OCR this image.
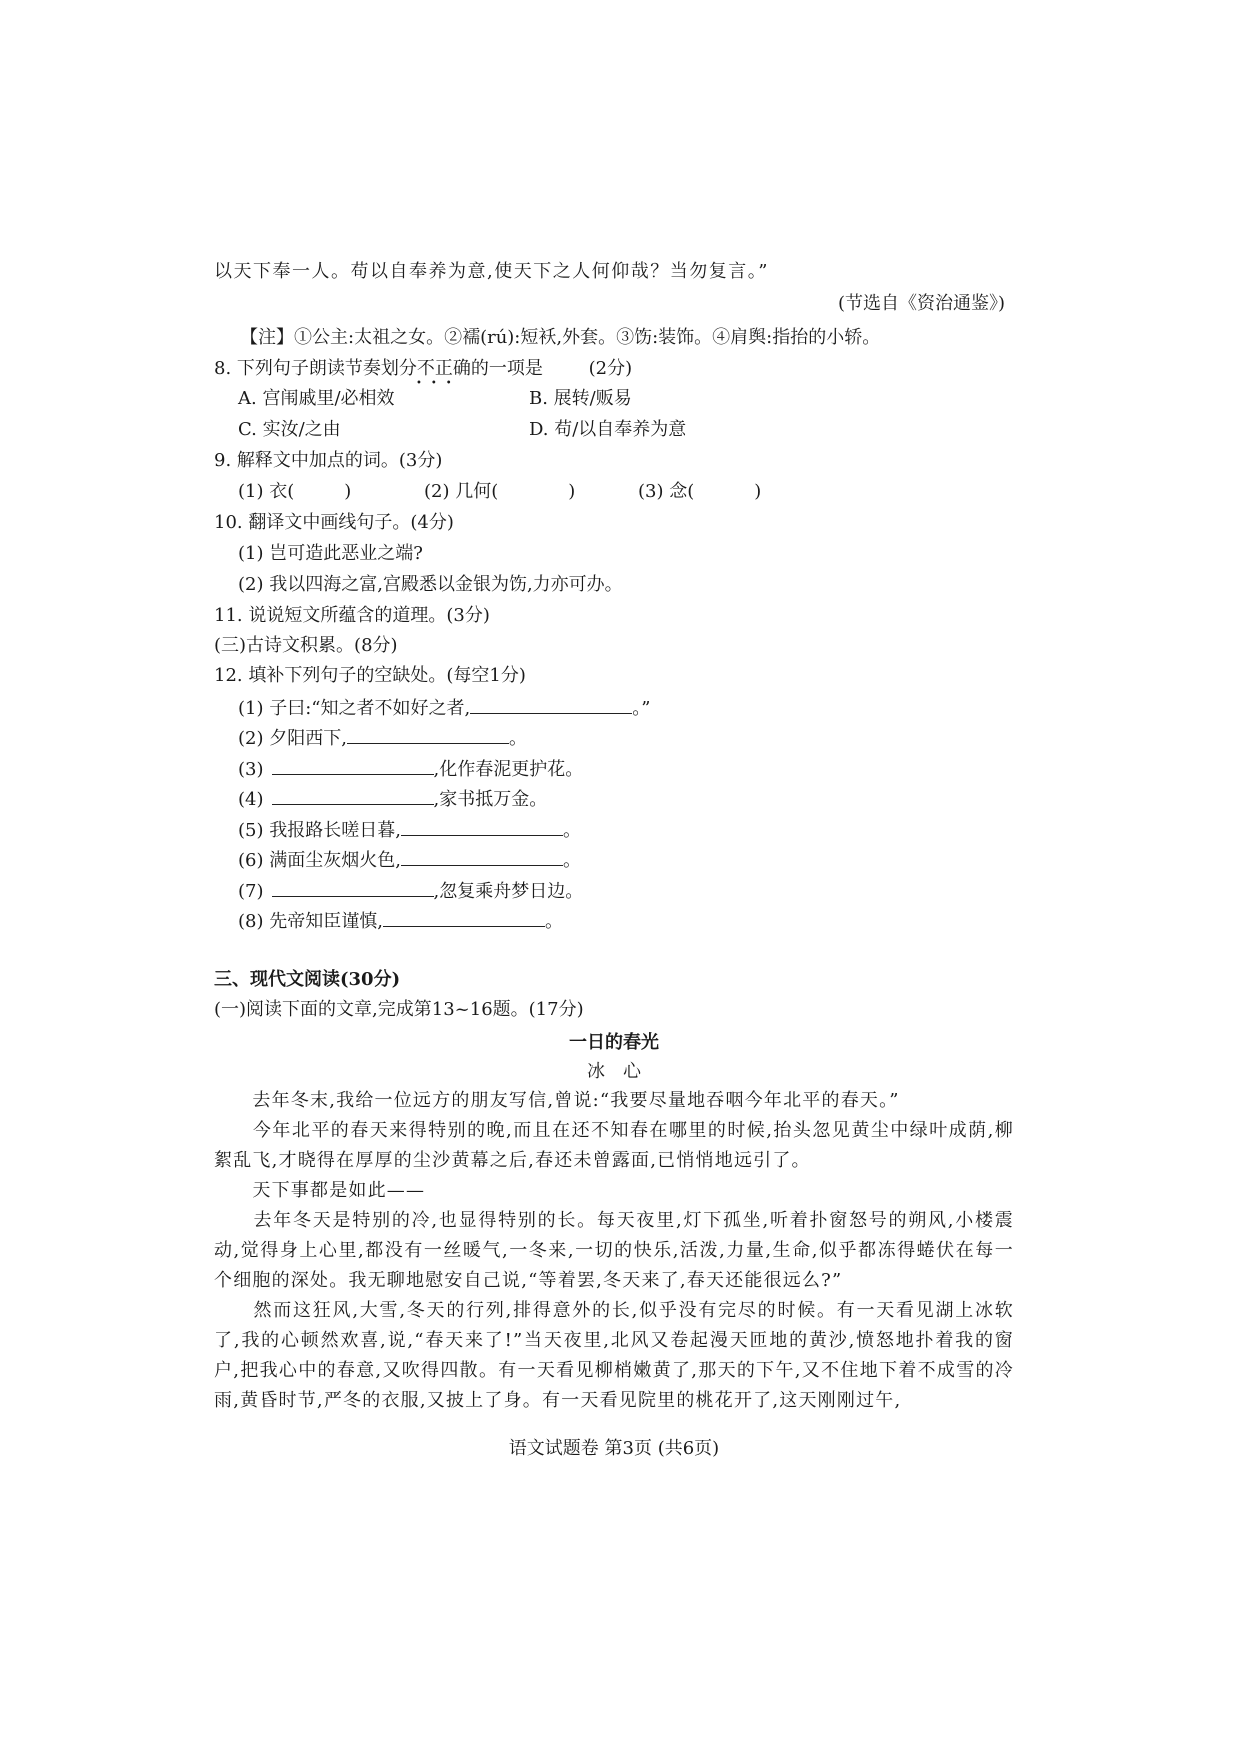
以天下奉一人。苟以自奉养为意,使天下之人何仰哉？当勿复言。”
(节选自《资治通鉴》)
【注】①公主:太祖之女。②襦(rú):短袄,外套。③饬:装饰。④肩舆:指抬的小轿。
8. 下列句子朗读节奏划分不正确的一项是	(2分)
•••
A. 宫闱戚里/必相效	B. 展转/贩易
C. 实汝/之由	D. 苟/以自奉养为意
9. 解释文中加点的词。(3分)
(1) 衣(	)	(2) 几何(	)	(3) 念(	)
10. 翻译文中画线句子。(4分)
(1) 岂可造此恶业之端?
(2) 我以四海之富,宫殿悉以金银为饬,力亦可办。
11. 说说短文所蕴含的道理。(3分)
(三)古诗文积累。(8分)
12. 填补下列句子的空缺处。(每空1分)
(1) 子曰:“知之者不如好之者,	。”
(2) 夕阳西下,	。
(3)	,化作春泥更护花。
(4)	,家书抵万金。
(5) 我报路长嗟日暮,	。
(6) 满面尘灰烟火色,	。
(7)	,忽复乘舟梦日边。
(8) 先帝知臣谨慎,	。
三、现代文阅读(30分)
(一)阅读下面的文章,完成第13~16题。(17分)
一日的春光
冰　心
　　去年冬末,我给一位远方的朋友写信,曾说:“我要尽量地吞咽今年北平的春天。”
　　今年北平的春天来得特别的晚,而且在还不知春在哪里的时候,抬头忽见黄尘中绿叶成荫,柳絮乱飞,才晓得在厚厚的尘沙黄幕之后,春还未曾露面,已悄悄地远引了。
　　天下事都是如此——
　　去年冬天是特别的冷,也显得特别的长。每天夜里,灯下孤坐,听着扑窗怒号的朔风,小楼震动,觉得身上心里,都没有一丝暖气,一冬来,一切的快乐,活泼,力量,生命,似乎都冻得蜷伏在每一个细胞的深处。我无聊地慰安自己说,“等着罢,冬天来了,春天还能很远么?”
　　然而这狂风,大雪,冬天的行列,排得意外的长,似乎没有完尽的时候。有一天看见湖上冰软了,我的心顿然欢喜,说,“春天来了!”当天夜里,北风又卷起漫天匝地的黄沙,愤怒地扑着我的窗户,把我心中的春意,又吹得四散。有一天看见柳梢嫩黄了,那天的下午,又不住地下着不成雪的冷雨,黄昏时节,严冬的衣服,又披上了身。有一天看见院里的桃花开了,这天刚刚过午,
语文试题卷 第3页 (共6页)
